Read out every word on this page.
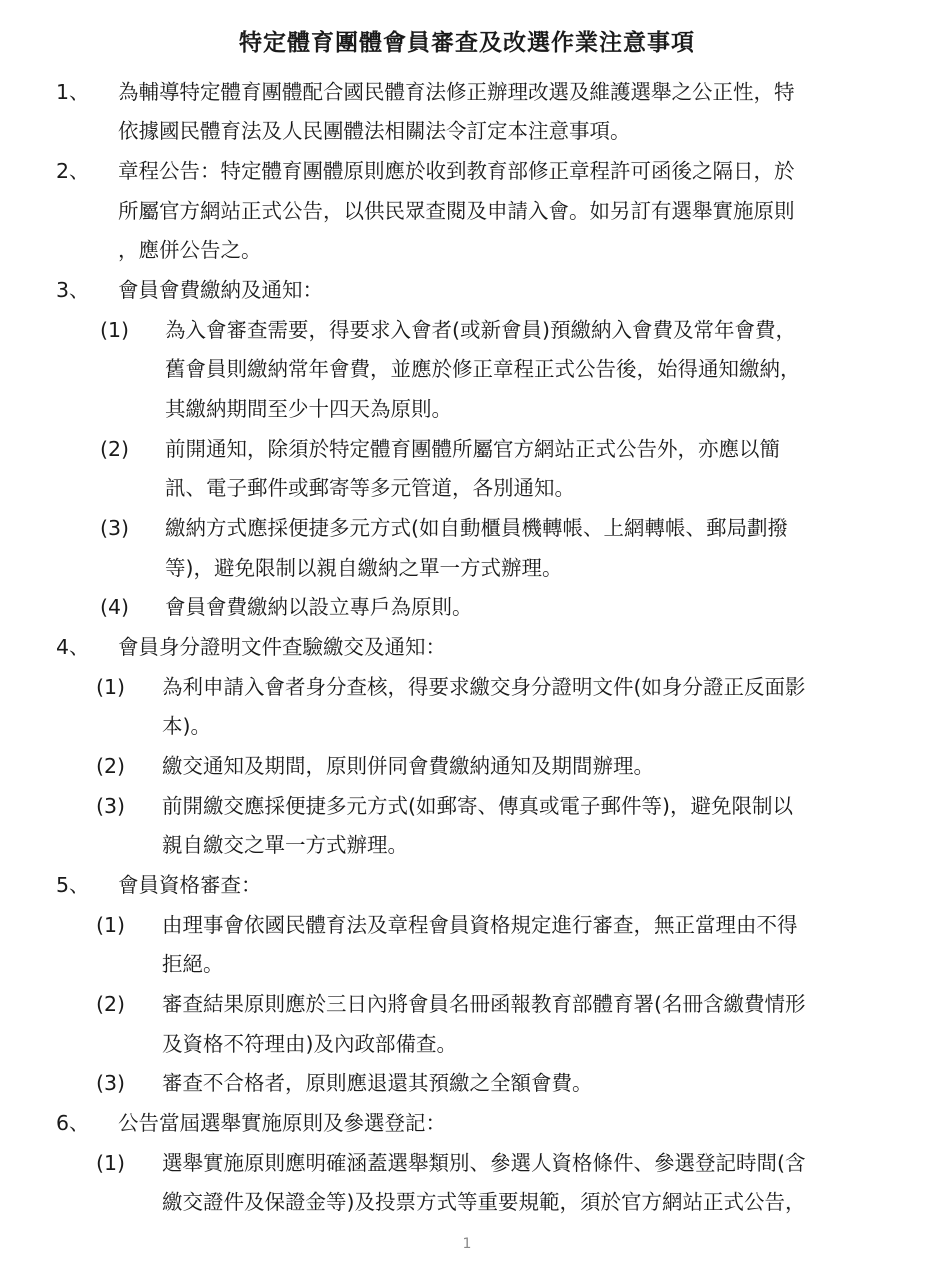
特定體育團體會員審查及改選作業注意事項
1、 為輔導特定體育團體配合國民體育法修正辦理改選及維護選舉之公正性，特
依據國民體育法及人民團體法相關法令訂定本注意事項。
2、 章程公告：特定體育團體原則應於收到教育部修正章程許可函後之隔日，於
所屬官方網站正式公告，以供民眾查閱及申請入會。如另訂有選舉實施原則
，應併公告之。
3、 會員會費繳納及通知：
(1) 為入會審查需要，得要求入會者(或新會員)預繳納入會費及常年會費，
舊會員則繳納常年會費，並應於修正章程正式公告後，始得通知繳納，
其繳納期間至少十四天為原則。
(2) 前開通知，除須於特定體育團體所屬官方網站正式公告外，亦應以簡
訊、電子郵件或郵寄等多元管道，各別通知。
(3) 繳納方式應採便捷多元方式(如自動櫃員機轉帳、上網轉帳、郵局劃撥
等)，避免限制以親自繳納之單一方式辦理。
(4) 會員會費繳納以設立專戶為原則。
4、 會員身分證明文件查驗繳交及通知：
(1) 為利申請入會者身分查核，得要求繳交身分證明文件(如身分證正反面影
本)。
(2) 繳交通知及期間，原則併同會費繳納通知及期間辦理。
(3) 前開繳交應採便捷多元方式(如郵寄、傳真或電子郵件等)，避免限制以
親自繳交之單一方式辦理。
5、 會員資格審查：
(1) 由理事會依國民體育法及章程會員資格規定進行審查，無正當理由不得
拒絕。
(2) 審查結果原則應於三日內將會員名冊函報教育部體育署(名冊含繳費情形
及資格不符理由)及內政部備查。
(3) 審查不合格者，原則應退還其預繳之全額會費。
6、 公告當屆選舉實施原則及參選登記：
(1) 選舉實施原則應明確涵蓋選舉類別、參選人資格條件、參選登記時間(含
繳交證件及保證金等)及投票方式等重要規範，須於官方網站正式公告，
1
